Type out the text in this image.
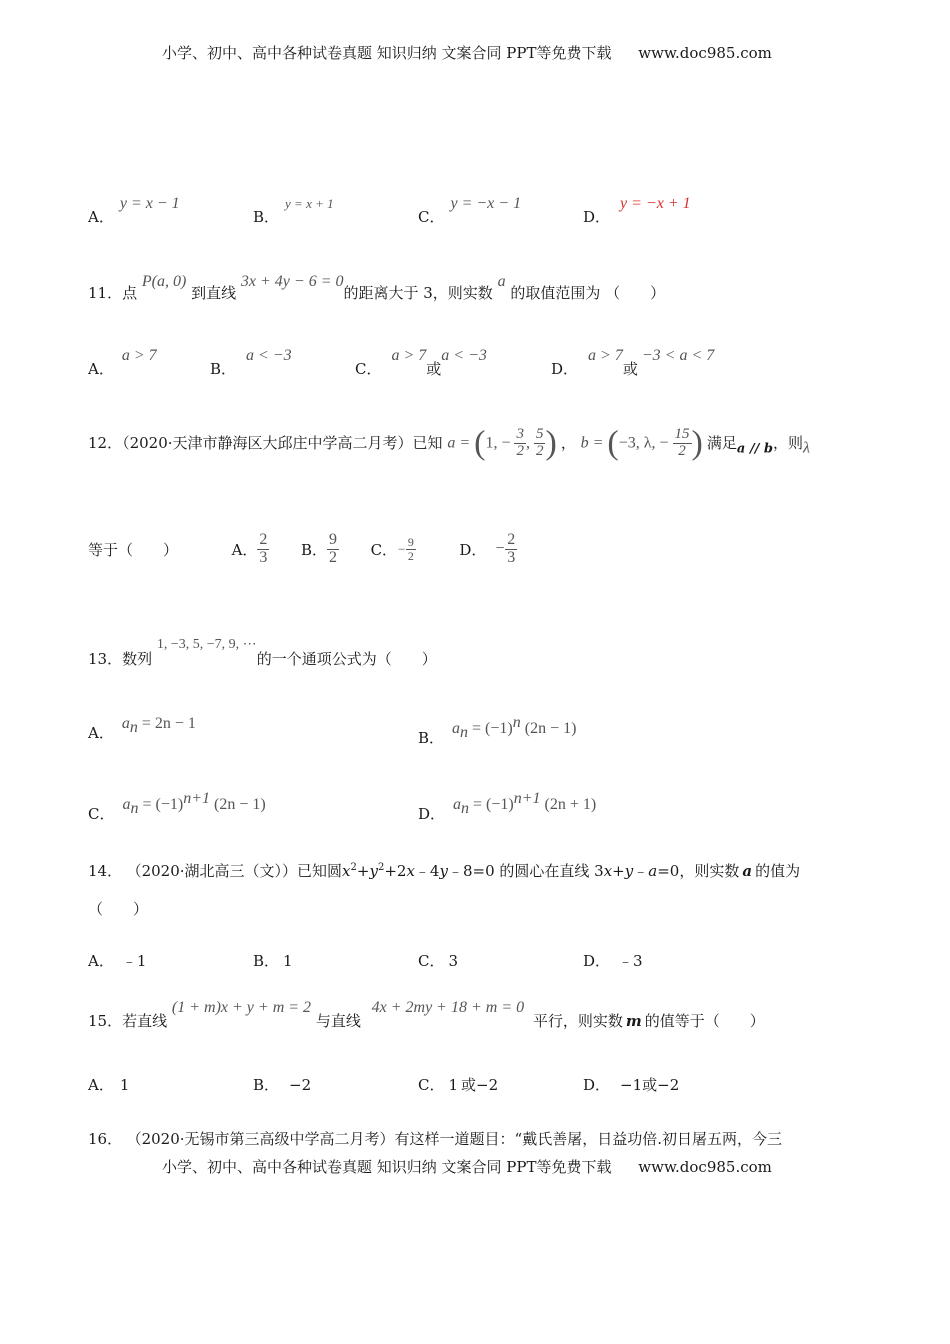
小学、初中、高中各种试卷真题 知识归纳 文案合同 PPT等免费下载 www.doc985.com
A．y = x − 1
B．y = x + 1
C．y = −x − 1
D．y = −x + 1
11．点 P(a, 0) 到直线 3x + 4y − 6 = 0的距离大于 3，则实数 a 的取值范围为 （　　）
A．a > 7
B．a < −3
C．a > 7或a < −3
D．a > 7或−3 < a < 7
12．（2020·天津市静海区大邱庄中学高二月考）已知 a = (1, − $\frac{3}{2}$ , $\frac{5}{2}$ ) ， b = (−3, λ, − $\frac{15}{2}$ ) 满足a // b，则λ
等于（　　）	A． $\frac{2}{3}$ B． $\frac{9}{2}$ C．− $\frac{9}{2}$	D． − $\frac{2}{3}$
13．数列 1, −3, 5, −7, 9, ⋯的一个通项公式为（　　）
A．$a_n = 2n - 1$
B．$a_n = (-1)^n$ (2n − 1)
C．$a_n = (-1)^{n+1}$ (2n − 1)
D．$a_n = (-1)^{n+1}$ (2n + 1)
14． （2020·湖北高三（文））已知圆$x^2+y^2+2x﹣4y﹣8=0$ 的圆心在直线 3x+y﹣a=0，则实数 a 的值为
（　　）
A． ﹣1	B． 1	C． 3	D． ﹣3
15．若直线 (1 + m)x + y + m = 2 与直线 4x + 2my + 18 + m = 0 平行，则实数 m 的值等于（　　）
A． 1	B． −2	C． 1 或−2	D． −1或−2
16． （2020·无锡市第三高级中学高二月考）有这样一道题目：“戴氏善屠，日益功倍.初日屠五两，今三
小学、初中、高中各种试卷真题 知识归纳 文案合同 PPT等免费下载 www.doc985.com
